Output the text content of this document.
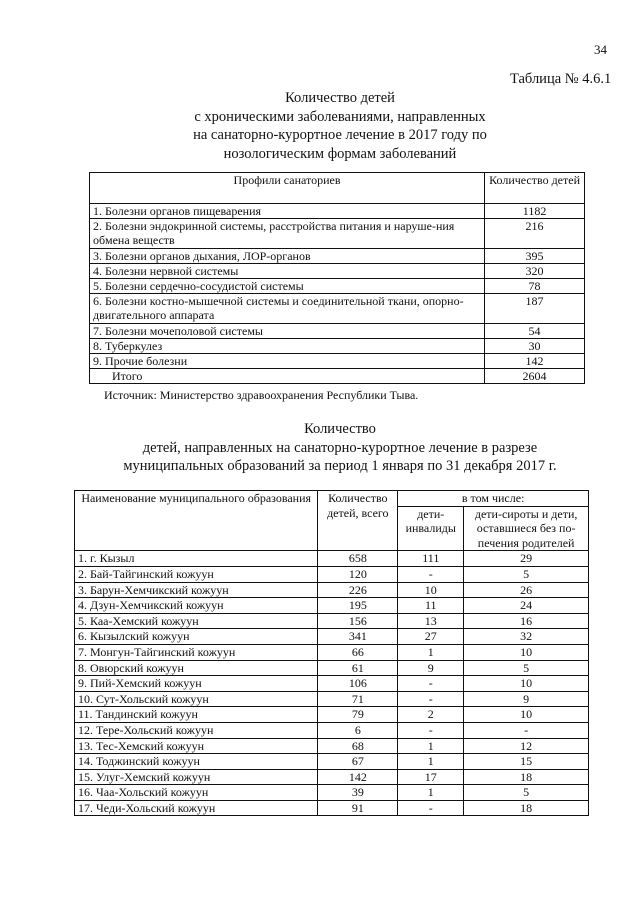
34
Таблица № 4.6.1
Количество детей
с хроническими заболеваниями, направленных
на санаторно-курортное лечение в 2017 году по
нозологическим формам заболеваний
Профили санаториев	Количество детей
1. Болезни органов пищеварения	1182
2. Болезни эндокринной системы, расстройства питания и наруше-ния обмена веществ	216
3. Болезни органов дыхания, ЛОР-органов	395
4. Болезни нервной системы	320
5. Болезни сердечно-сосудистой системы	78
6. Болезни костно-мышечной системы и соединительной ткани, опорно-двигательного аппарата	187
7. Болезни мочеполовой системы	54
8. Туберкулез	30
9. Прочие болезни	142
Итого	2604
Источник: Министерство здравоохранения Республики Тыва.
Количество
детей, направленных на санаторно-курортное лечение в разрезе
муниципальных образований за период 1 января по 31 декабря 2017 г.
Наименование муниципального образования	Количество детей, всего	в том числе:	
		дети-инвалиды	дети-сироты и дети, оставшиеся без по-печения родителей
1. г. Кызыл	658	111	29
2. Бай-Тайгинский кожуун	120	-	5
3. Барун-Хемчикский кожуун	226	10	26
4. Дзун-Хемчикский кожуун	195	11	24
5. Каа-Хемский кожуун	156	13	16
6. Кызылский кожуун	341	27	32
7. Монгун-Тайгинский кожуун	66	1	10
8. Овюрский кожуун	61	9	5
9. Пий-Хемский кожуун	106	-	10
10. Сут-Хольский кожуун	71	-	9
11. Тандинский кожуун	79	2	10
12. Тере-Хольский кожуун	6	-	-
13. Тес-Хемский кожуун	68	1	12
14. Тоджинский кожуун	67	1	15
15. Улуг-Хемский кожуун	142	17	18
16. Чаа-Хольский кожуун	39	1	5
17. Чеди-Хольский кожуун	91	-	18
